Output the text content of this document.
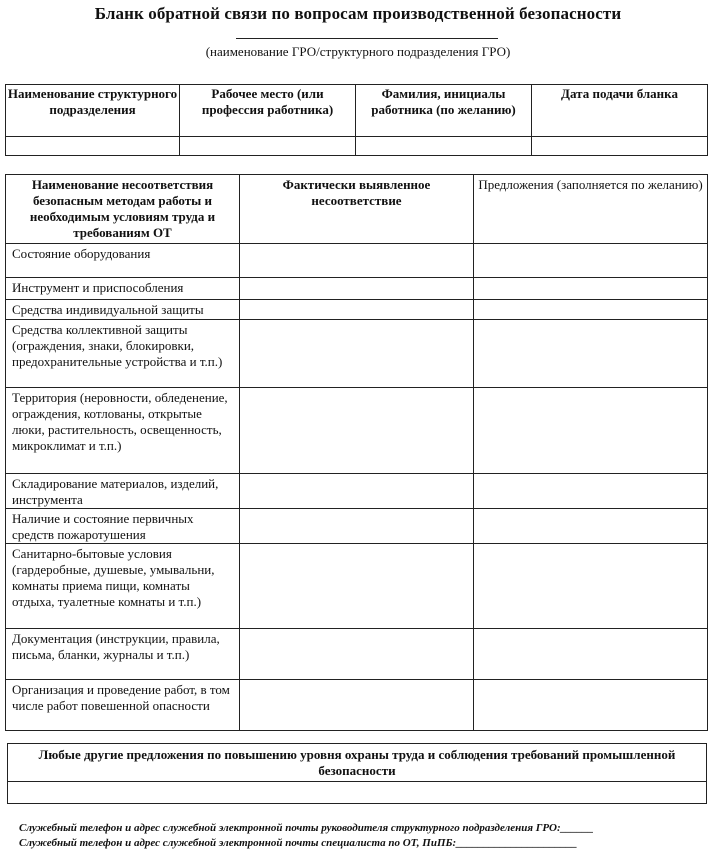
Бланк обратной связи по вопросам производственной безопасности
(наименование ГРО/структурного подразделения ГРО)
Наименование структурного подразделения	Рабочее место (или профессия работника)	Фамилия, инициалы работника (по желанию)	Дата подачи бланка

Наименование несоответствия безопасным методам работы и необходимым условиям труда и требованиям ОТ	Фактически выявленное несоответствие	Предложения (заполняется по желанию)
Состояние оборудования		
Инструмент и приспособления		
Средства индивидуальной защиты		
Средства коллективной защиты (ограждения, знаки, блокировки, предохранительные устройства и т.п.)		
Территория (неровности, обледенение, ограждения, котлованы, открытые люки, растительность, освещенность, микроклимат и т.п.)		
Складирование материалов, изделий, инструмента		
Наличие и состояние первичных средств пожаротушения		
Санитарно-бытовые условия (гардеробные, душевые, умывальни, комнаты приема пищи, комнаты отдыха, туалетные комнаты и т.п.)		
Документация (инструкции, правила, письма, бланки, журналы и т.п.)		
Организация и проведение работ, в том числе работ повешенной опасности		
Любые другие предложения по повышению уровня охраны труда и соблюдения требований промышленной безопасности

Служебный телефон и адрес служебной электронной почты руководителя структурного подразделения ГРО:______
Служебный телефон и адрес служебной электронной почты специалиста по ОТ, ПиПБ:______________________
